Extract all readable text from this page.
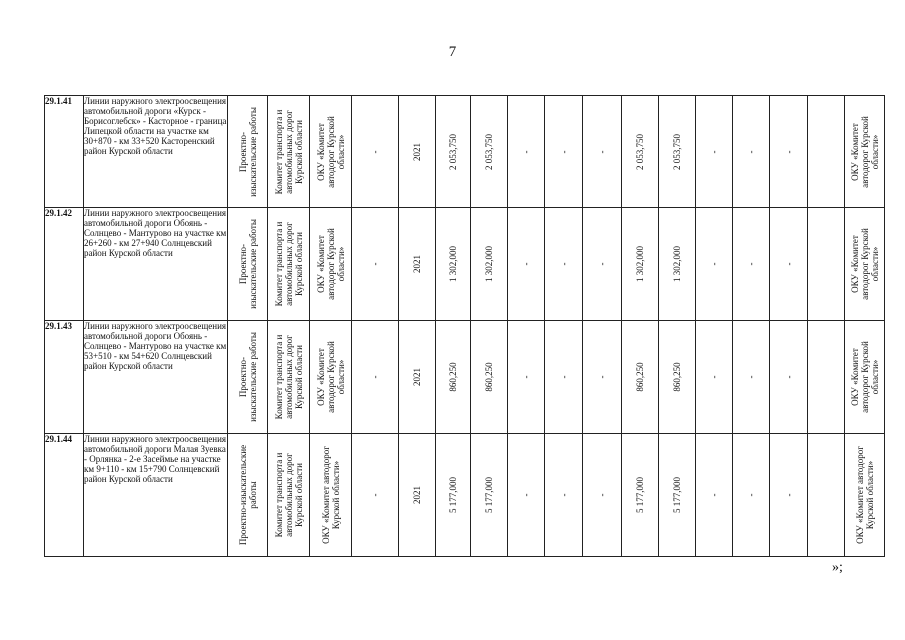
7
29.1.41	Линии наружного электроосвещения автомобильной дороги «Курск - Борисоглебск» - Касторное - граница Липецкой области на участке км 30+870 - км 33+520 Касторенский район Курской области	Проектно-изыскательские работы	Комитет транспорта и автомобильных дорог Курской области	ОКУ «Комитет автодорог Курской области»	-	2021	2 053,750	2 053,750	-	-	-	2 053,750	2 053,750	-	-	-		ОКУ «Комитет автодорог Курской области»

29.1.42	Линии наружного электроосвещения автомобильной дороги Обоянь - Солнцево - Мантурово на участке км 26+260 - км 27+940 Солнцевский район Курской области	Проектно-изыскательские работы	Комитет транспорта и автомобильных дорог Курской области	ОКУ «Комитет автодорог Курской области»	-	2021	1 302,000	1 302,000	-	-	-	1 302,000	1 302,000	-	-	-		ОКУ «Комитет автодорог Курской области»

29.1.43	Линии наружного электроосвещения автомобильной дороги Обоянь - Солнцево - Мантурово на участке км 53+510 - км 54+620 Солнцевский район Курской области	Проектно-изыскательские работы	Комитет транспорта и автомобильных дорог Курской области	ОКУ «Комитет автодорог Курской области»	-	2021	860,250	860,250	-	-	-	860,250	860,250	-	-	-		ОКУ «Комитет автодорог Курской области»

29.1.44	Линии наружного электроосвещения автомобильной дороги Малая Зуевка - Орлянка - 2-е Засеймье на участке км 9+110 - км 15+790 Солнцевский район Курской области	Проектно-изыскательские работы	Комитет транспорта и автомобильных дорог Курской области	ОКУ «Комитет автодорог Курской области»	-	2021	5 177,000	5 177,000	-	-	-	5 177,000	5 177,000	-	-	-		ОКУ «Комитет автодорог Курской области»
»;
